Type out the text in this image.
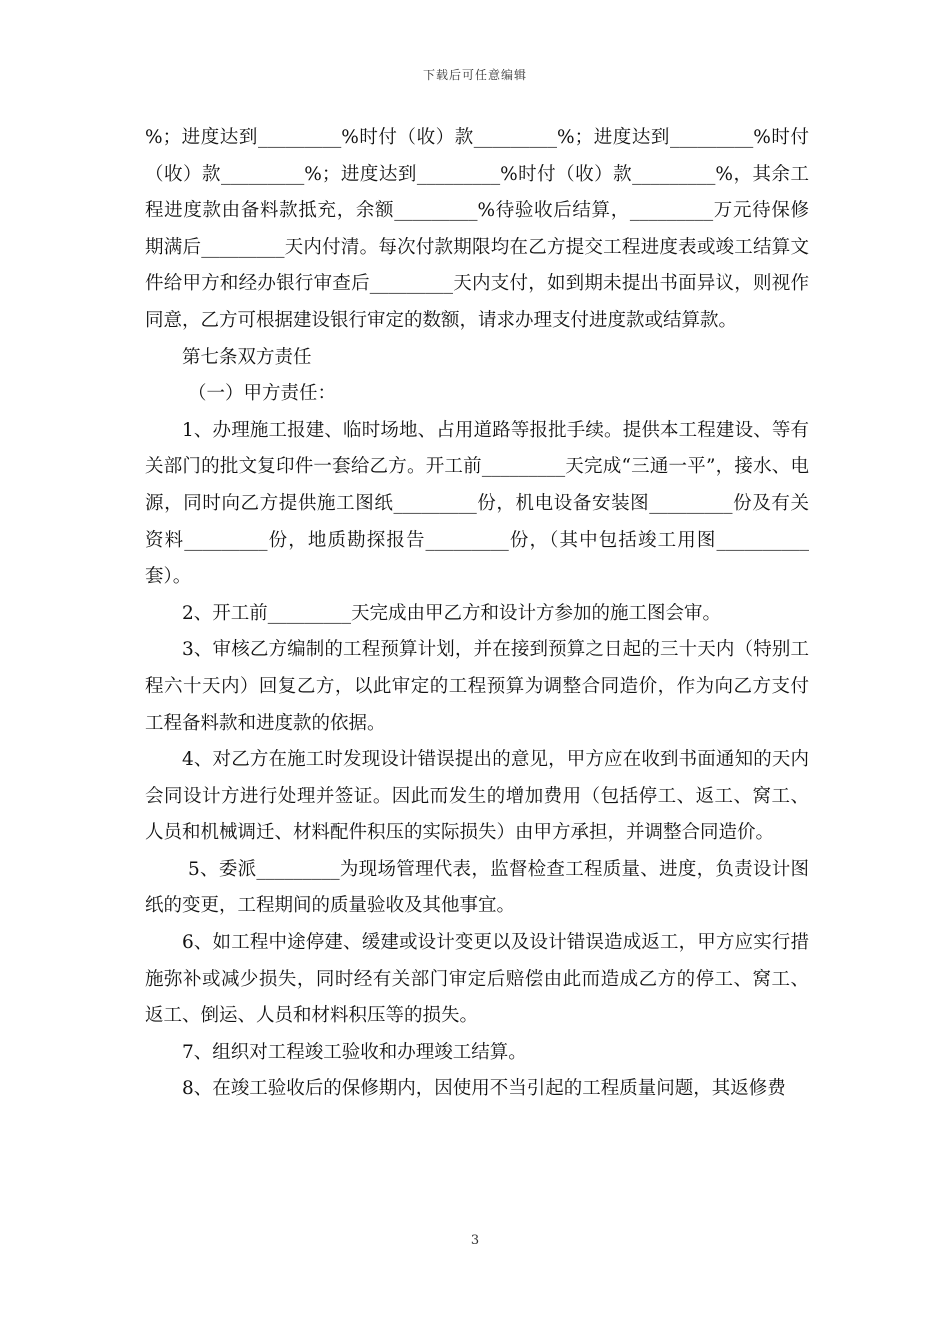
下载后可任意编辑

%；进度达到_________%时付（收）款_________%；进度达到_________%时付（收）款_________%；进度达到_________%时付（收）款_________%，其余工程进度款由备料款抵充，余额_________%待验收后结算，_________万元待保修期满后_________天内付清。每次付款期限均在乙方提交工程进度表或竣工结算文件给甲方和经办银行审查后_________天内支付，如到期未提出书面异议，则视作同意，乙方可根据建设银行审定的数额，请求办理支付进度款或结算款。

第七条双方责任

（一）甲方责任：

1、办理施工报建、临时场地、占用道路等报批手续。提供本工程建设、等有关部门的批文复印件一套给乙方。开工前_________天完成“三通一平”，接水、电源，同时向乙方提供施工图纸_________份，机电设备安装图_________份及有关资料_________份，地质勘探报告_________份，（其中包括竣工用图__________套）。

2、开工前_________天完成由甲乙方和设计方参加的施工图会审。

3、审核乙方编制的工程预算计划，并在接到预算之日起的三十天内（特别工程六十天内）回复乙方，以此审定的工程预算为调整合同造价，作为向乙方支付工程备料款和进度款的依据。

4、对乙方在施工时发现设计错误提出的意见，甲方应在收到书面通知的天内会同设计方进行处理并签证。因此而发生的增加费用（包括停工、返工、窝工、人员和机械调迁、材料配件积压的实际损失）由甲方承担，并调整合同造价。

5、委派_________为现场管理代表，监督检查工程质量、进度，负责设计图纸的变更，工程期间的质量验收及其他事宜。

6、如工程中途停建、缓建或设计变更以及设计错误造成返工，甲方应实行措施弥补或减少损失，同时经有关部门审定后赔偿由此而造成乙方的停工、窝工、返工、倒运、人员和材料积压等的损失。

7、组织对工程竣工验收和办理竣工结算。

8、在竣工验收后的保修期内，因使用不当引起的工程质量问题，其返修费

3
